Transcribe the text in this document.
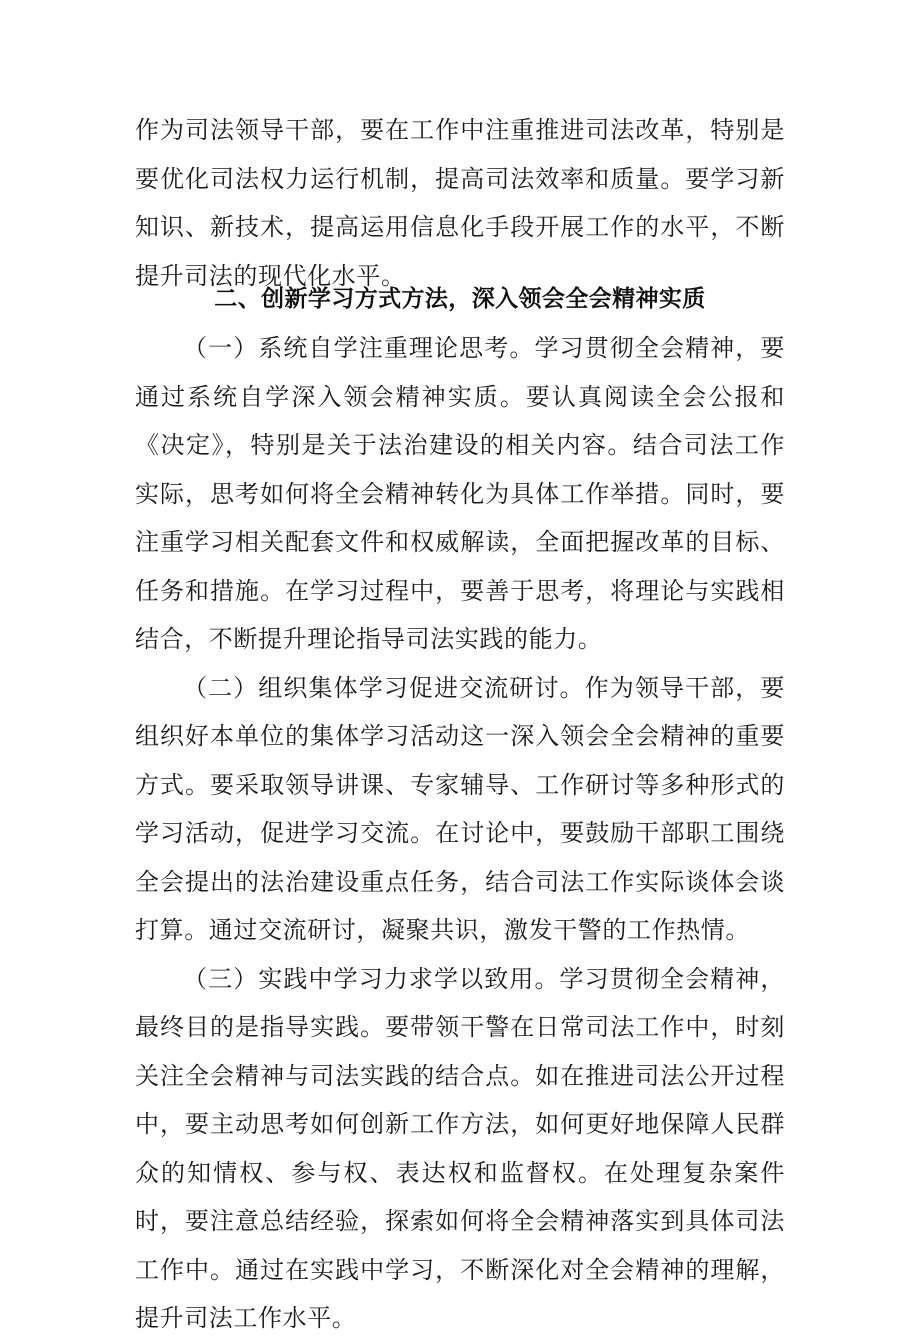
作为司法领导干部，要在工作中注重推进司法改革，特别是要优化司法权力运行机制，提高司法效率和质量。要学习新知识、新技术，提高运用信息化手段开展工作的水平，不断提升司法的现代化水平。

二、创新学习方式方法，深入领会全会精神实质

（一）系统自学注重理论思考。学习贯彻全会精神，要通过系统自学深入领会精神实质。要认真阅读全会公报和《决定》，特别是关于法治建设的相关内容。结合司法工作实际，思考如何将全会精神转化为具体工作举措。同时，要注重学习相关配套文件和权威解读，全面把握改革的目标、任务和措施。在学习过程中，要善于思考，将理论与实践相结合，不断提升理论指导司法实践的能力。

（二）组织集体学习促进交流研讨。作为领导干部，要组织好本单位的集体学习活动这一深入领会全会精神的重要方式。要采取领导讲课、专家辅导、工作研讨等多种形式的学习活动，促进学习交流。在讨论中，要鼓励干部职工围绕全会提出的法治建设重点任务，结合司法工作实际谈体会谈打算。通过交流研讨，凝聚共识，激发干警的工作热情。

（三）实践中学习力求学以致用。学习贯彻全会精神，最终目的是指导实践。要带领干警在日常司法工作中，时刻关注全会精神与司法实践的结合点。如在推进司法公开过程中，要主动思考如何创新工作方法，如何更好地保障人民群众的知情权、参与权、表达权和监督权。在处理复杂案件时，要注意总结经验，探索如何将全会精神落实到具体司法工作中。通过在实践中学习，不断深化对全会精神的理解，提升司法工作水平。
